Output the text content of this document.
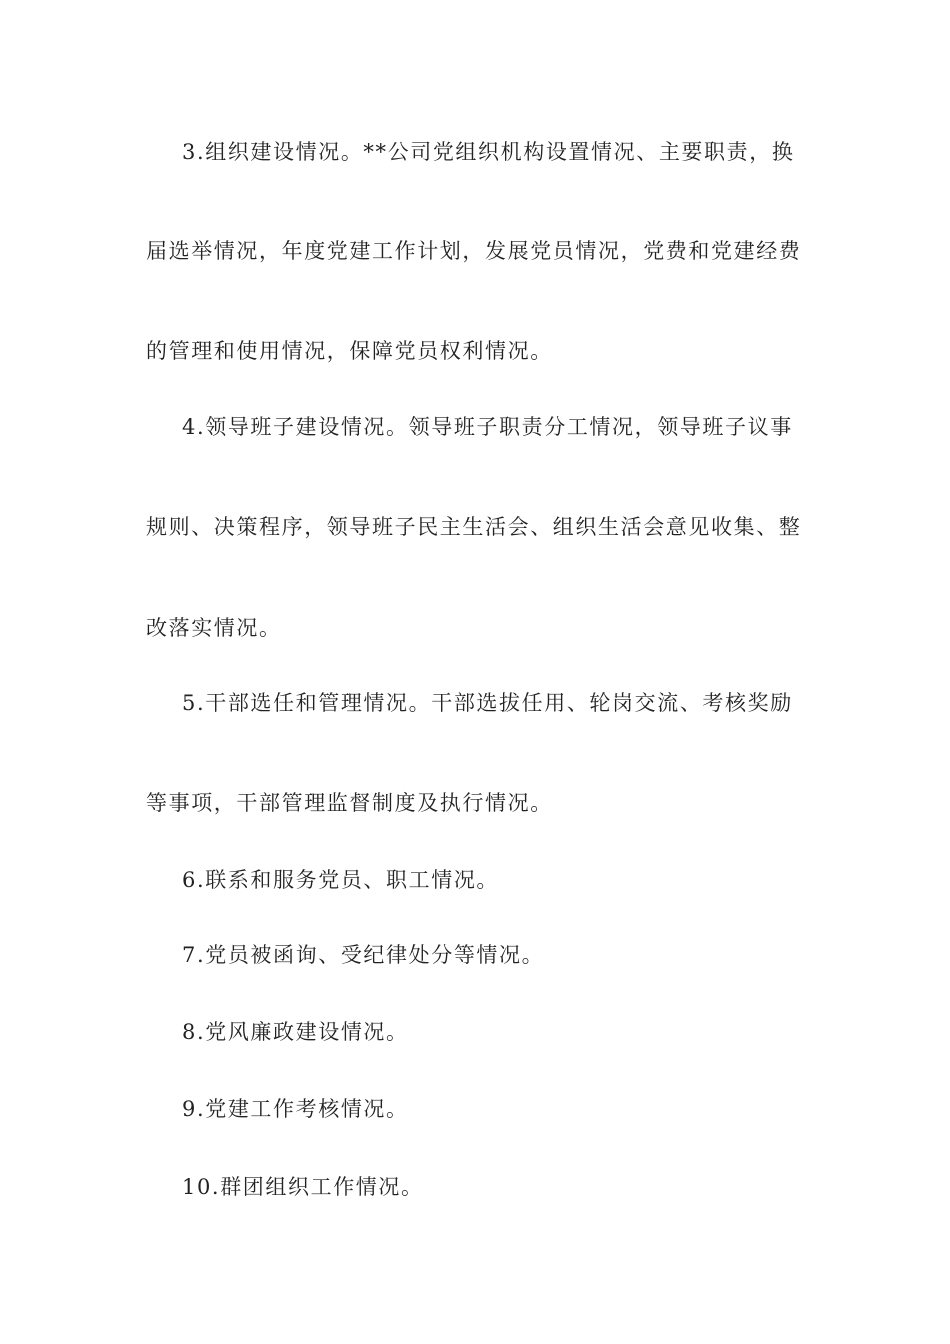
3.组织建设情况。**公司党组织机构设置情况、主要职责，换
届选举情况，年度党建工作计划，发展党员情况，党费和党建经费
的管理和使用情况，保障党员权利情况。
4.领导班子建设情况。领导班子职责分工情况，领导班子议事
规则、决策程序，领导班子民主生活会、组织生活会意见收集、整
改落实情况。
5.干部选任和管理情况。干部选拔任用、轮岗交流、考核奖励
等事项，干部管理监督制度及执行情况。
6.联系和服务党员、职工情况。
7.党员被函询、受纪律处分等情况。
8.党风廉政建设情况。
9.党建工作考核情况。
10.群团组织工作情况。
